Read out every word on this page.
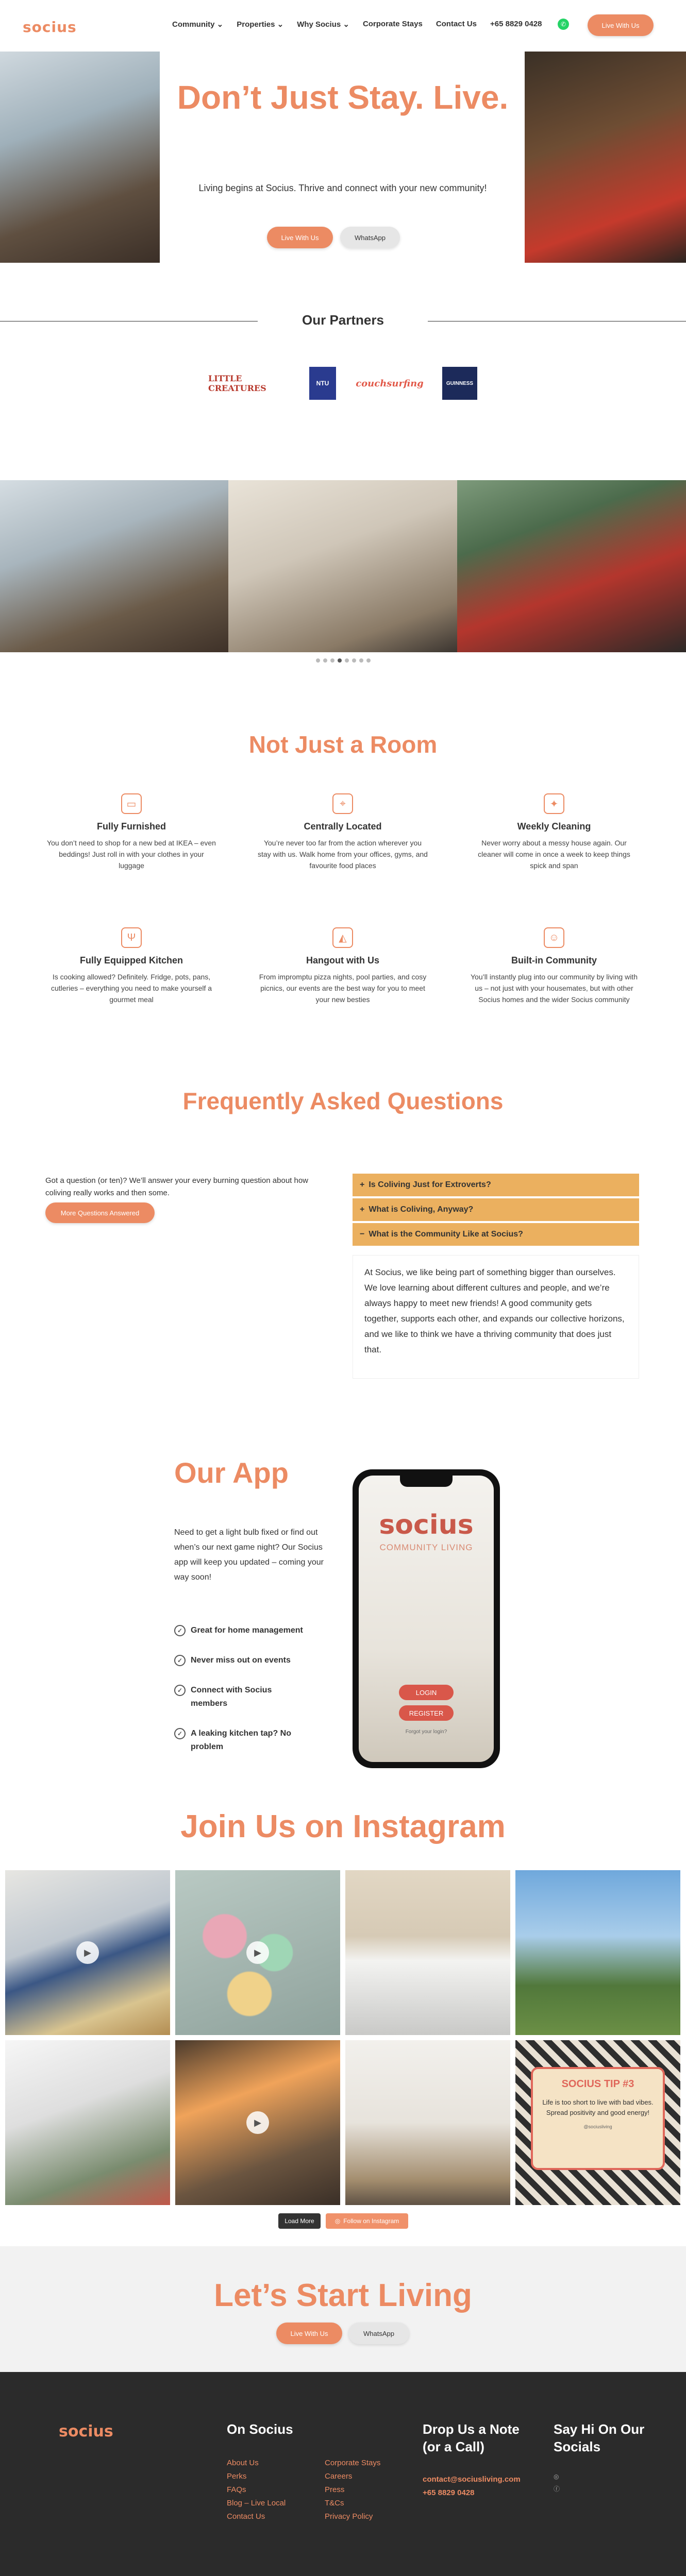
socius	Community ⌄ Properties ⌄ Why Socius ⌄ Corporate Stays Contact Us +65 8829 0428	✆	Live With Us
Don’t Just Stay. Live.
Living begins at Socius. Thrive and connect with your new community!
Live With Us	WhatsApp
Our Partners
LITTLE CREATURES	NTU	couchsurfing	GUINNESS
Not Just a Room
▭
Fully Furnished

You don’t need to shop for a new bed at IKEA – even beddings! Just roll in with your clothes in your luggage

⌖
Centrally Located

You’re never too far from the action wherever you stay with us. Walk home from your offices, gyms, and favourite food places

✦
Weekly Cleaning

Never worry about a messy house again. Our cleaner will come in once a week to keep things spick and span

Ψ
Fully Equipped Kitchen

Is cooking allowed? Definitely. Fridge, pots, pans, cutleries – everything you need to make yourself a gourmet meal

◭
Hangout with Us

From impromptu pizza nights, pool parties, and cosy picnics, our events are the best way for you to meet your new besties

☺
Built-in Community

You’ll instantly plug into our community by living with us – not just with your housemates, but with other Socius homes and the wider Socius community

Frequently Asked Questions
Got a question (or ten)? We’ll answer your every burning question about how coliving really works and then some.
More Questions Answered
+ Is Coliving Just for Extroverts?
+ What is Coliving, Anyway?
− What is the Community Like at Socius?
At Socius, we like being part of something bigger than ourselves. We love learning about different cultures and people, and we’re always happy to meet new friends! A good community gets together, supports each other, and expands our collective horizons, and we like to think we have a thriving community that does just that.
Our App
Need to get a light bulb fixed or find out when’s our next game night? Our Socius app will keep you updated – coming your way soon!
✓ Great for home management
✓ Never miss out on events
✓ Connect with Socius members
✓ A leaking kitchen tap? No problem
socius
COMMUNITY LIVING
LOGIN
REGISTER
Forgot your login?
Join Us on Instagram
▶	▶
▶
SOCIUS TIP #3

Life is too short to live with bad vibes. Spread positivity and good energy!

@sociusliving
Load More	◎ Follow on Instagram
Let’s Start Living
Live With Us	WhatsApp
socius	On Socius
About Us
Perks
FAQs
Blog – Live Local
Contact Us
Corporate Stays
Careers
Press
T&Cs
Privacy Policy
Drop Us a Note (or a Call)
contact@sociusliving.com
+65 8829 0428
Say Hi On Our Socials
◎
ⓕ
